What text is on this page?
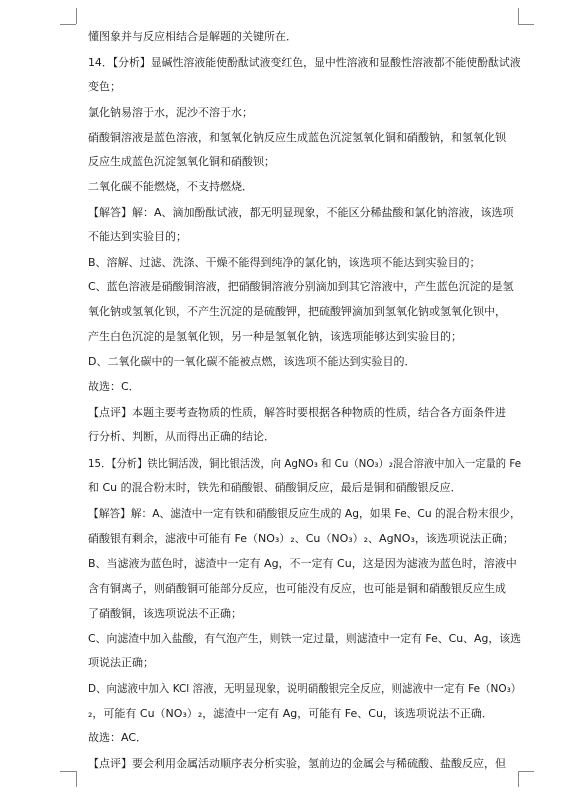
懂图象并与反应相结合是解题的关键所在．
14．【分析】显碱性溶液能使酚酞试液变红色，显中性溶液和显酸性溶液都不能使酚酞试液
变色；
氯化钠易溶于水，泥沙不溶于水；
硝酸铜溶液是蓝色溶液，和氢氧化钠反应生成蓝色沉淀氢氧化铜和硝酸钠，和氢氧化钡
反应生成蓝色沉淀氢氧化铜和硝酸钡；
二氧化碳不能燃烧，不支持燃烧．
【解答】解：A、滴加酚酞试液，都无明显现象，不能区分稀盐酸和氯化钠溶液，该选项
不能达到实验目的；
B、溶解、过滤、洗涤、干燥不能得到纯净的氯化钠，该选项不能达到实验目的；
C、蓝色溶液是硝酸铜溶液，把硝酸铜溶液分别滴加到其它溶液中，产生蓝色沉淀的是氢
氧化钠或氢氧化钡，不产生沉淀的是硫酸钾，把硫酸钾滴加到氢氧化钠或氢氧化钡中，
产生白色沉淀的是氢氧化钡，另一种是氢氧化钠，该选项能够达到实验目的；
D、二氧化碳中的一氧化碳不能被点燃，该选项不能达到实验目的．
故选：C．
【点评】本题主要考查物质的性质，解答时要根据各种物质的性质，结合各方面条件进
行分析、判断，从而得出正确的结论．
15．【分析】铁比铜活泼，铜比银活泼，向 AgNO₃ 和 Cu（NO₃）₂混合溶液中加入一定量的 Fe
和 Cu 的混合粉末时，铁先和硝酸银、硝酸铜反应，最后是铜和硝酸银反应．
【解答】解：A、滤渣中一定有铁和硝酸银反应生成的 Ag，如果 Fe、Cu 的混合粉末很少，
硝酸银有剩余，滤液中可能有 Fe（NO₃）₂、Cu（NO₃）₂、AgNO₃，该选项说法正确；
B、当滤液为蓝色时，滤渣中一定有 Ag，不一定有 Cu，这是因为滤液为蓝色时，溶液中
含有铜离子，则硝酸铜可能部分反应，也可能没有反应，也可能是铜和硝酸银反应生成
了硝酸铜，该选项说法不正确；
C、向滤渣中加入盐酸，有气泡产生，则铁一定过量，则滤渣中一定有 Fe、Cu、Ag，该选
项说法正确；
D、向滤液中加入 KCl 溶液，无明显现象，说明硝酸银完全反应，则滤液中一定有 Fe（NO₃）
₂，可能有 Cu（NO₃）₂，滤渣中一定有 Ag，可能有 Fe、Cu，该选项说法不正确．
故选：AC．
【点评】要会利用金属活动顺序表分析实验，氢前边的金属会与稀硫酸、盐酸反应，但
